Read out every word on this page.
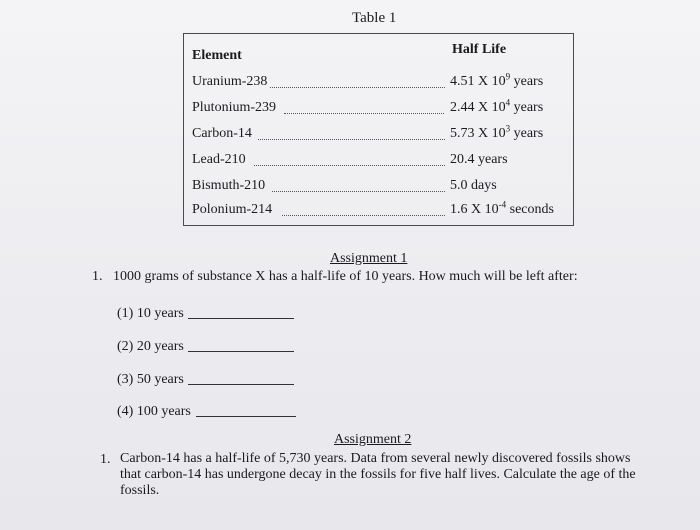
Table 1
Element	Half Life
Uranium-238	4.51 X $10^9$ years
Plutonium-239	2.44 X $10^4$ years
Carbon-14	5.73 X $10^3$ years
Lead-210	20.4 years
Bismuth-210	5.0 days
Polonium-214	1.6 X $10^{-4}$ seconds
Assignment 1
1. 1000 grams of substance X has a half-life of 10 years. How much will be left after:
(1) 10 years
(2) 20 years
(3) 50 years
(4) 100 years
Assignment 2
1. Carbon-14 has a half-life of 5,730 years. Data from several newly discovered fossils shows
that carbon-14 has undergone decay in the fossils for five half lives. Calculate the age of the
fossils.
